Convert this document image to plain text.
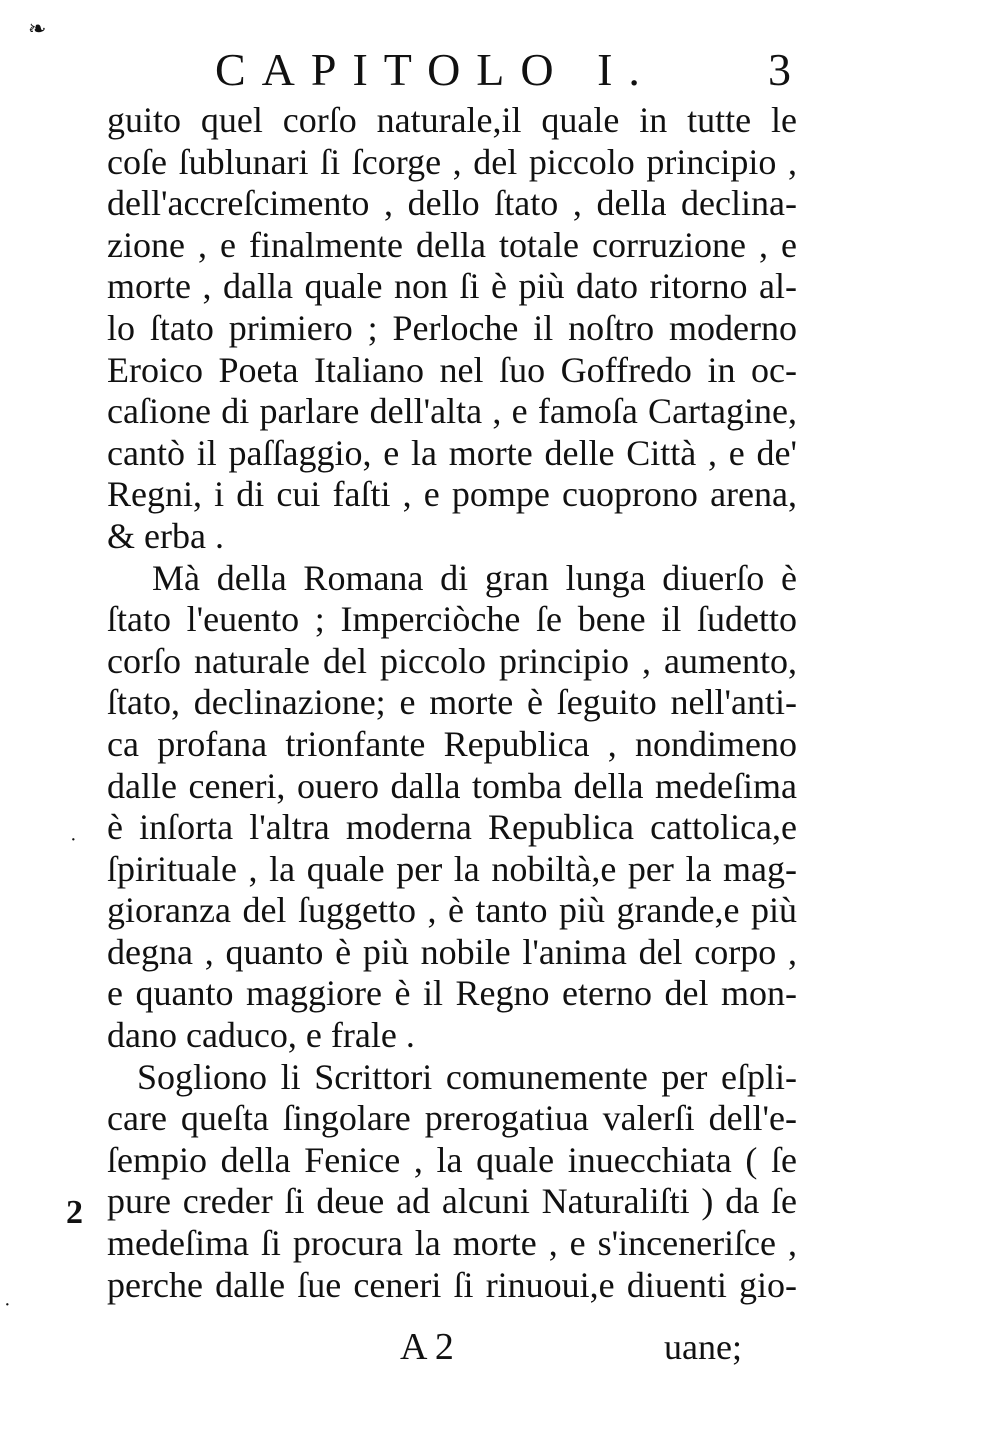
❧
CAPITOLO I. 3
guito quel corſo naturale,il quale in tutte le
coſe ſublunari ſi ſcorge , del piccolo principio ,
dell'accreſcimento , dello ſtato , della declina-
zione , e finalmente della totale corruzione , e
morte , dalla quale non ſi è più dato ritorno al-
lo ſtato primiero ; Perloche il noſtro moderno
Eroico Poeta Italiano nel ſuo Goffredo in oc-
caſione di parlare dell'alta , e famoſa Cartagine,
cantò il paſſaggio, e la morte delle Città , e de'
Regni, i di cui faſti , e pompe cuoprono arena,
& erba .
Mà della Romana di gran lunga diuerſo è
ſtato l'euento ; Imperciòche ſe bene il ſudetto
corſo naturale del piccolo principio , aumento,
ſtato, declinazione; e morte è ſeguito nell'anti-
ca profana trionfante Republica , nondimeno
dalle ceneri, ouero dalla tomba della medeſima
è inſorta l'altra moderna Republica cattolica,e
ſpirituale , la quale per la nobiltà,e per la mag-
gioranza del ſuggetto , è tanto più grande,e più
degna , quanto è più nobile l'anima del corpo ,
e quanto maggiore è il Regno eterno del mon-
dano caduco, e frale .
Sogliono li Scrittori comunemente per eſpli-
care queſta ſingolare prerogatiua valerſi dell'e-
ſempio della Fenice , la quale inuecchiata ( ſe
pure creder ſi deue ad alcuni Naturaliſti ) da ſe
medeſima ſi procura la morte , e s'inceneriſce ,
perche dalle ſue ceneri ſi rinuoui,e diuenti gio-
·
·
2
A 2	uane;
